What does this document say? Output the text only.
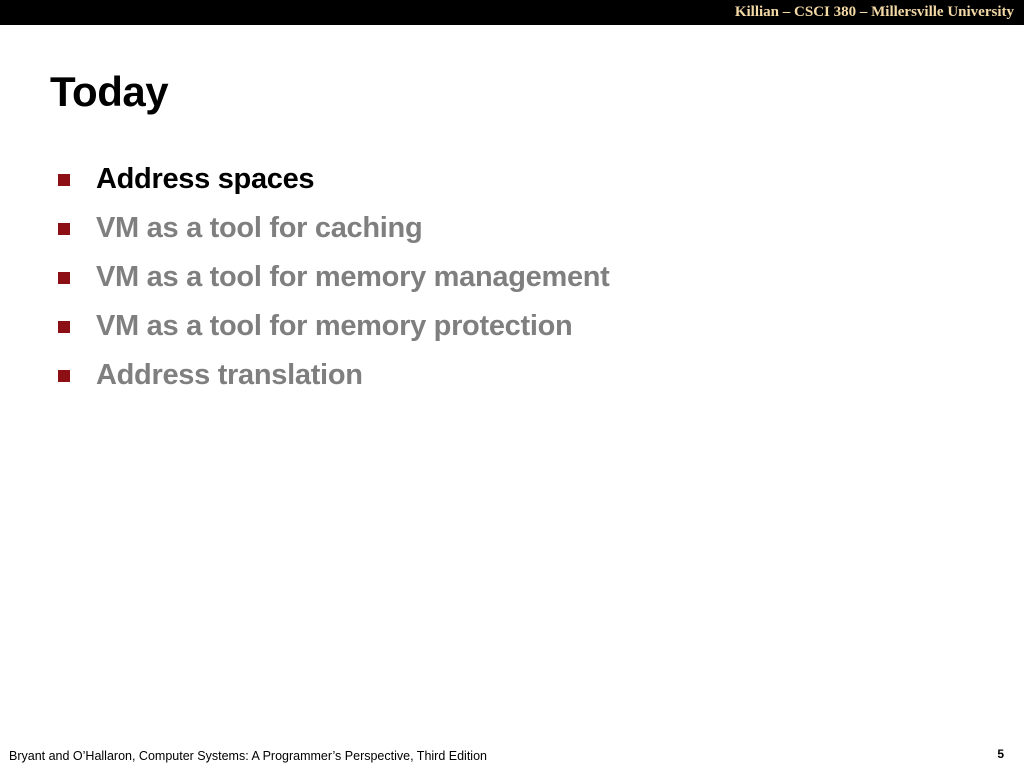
Killian – CSCI 380 – Millersville University
Today
Address spaces
VM as a tool for caching
VM as a tool for memory management
VM as a tool for memory protection
Address translation
Bryant and O’Hallaron, Computer Systems: A Programmer’s Perspective, Third Edition	5
